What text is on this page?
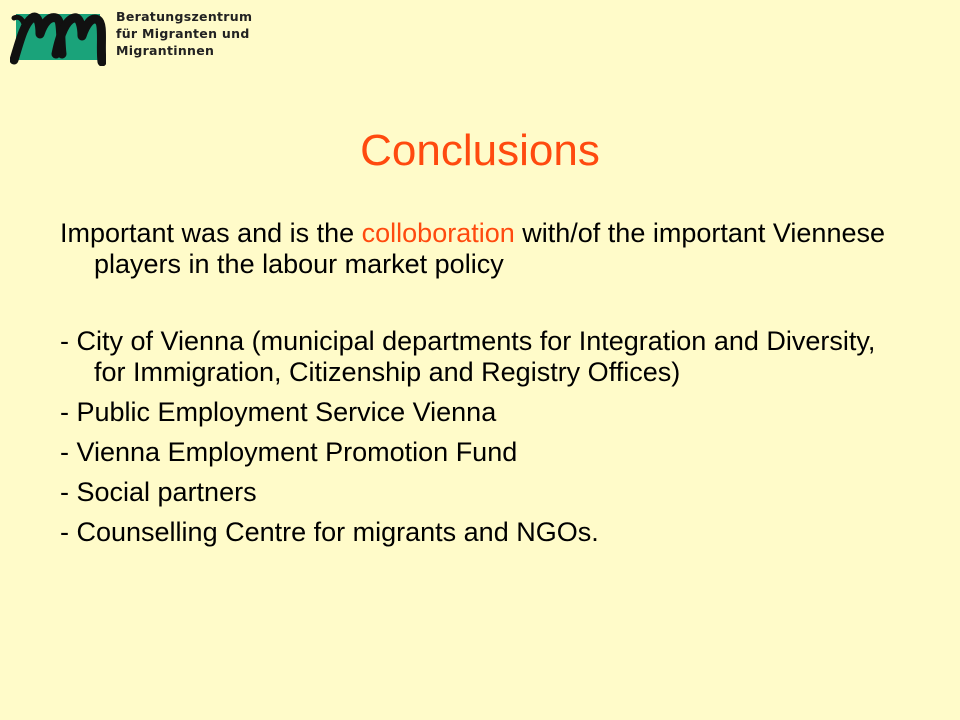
Beratungszentrum
für Migranten und
Migrantinnen
Conclusions

Important was and is the colloboration with/of the important Viennese players in the labour market policy

- City of Vienna (municipal departments for Integration and Diversity, for Immigration, Citizenship and Registry Offices)

- Public Employment Service Vienna

- Vienna Employment Promotion Fund

- Social partners

- Counselling Centre for migrants and NGOs.
